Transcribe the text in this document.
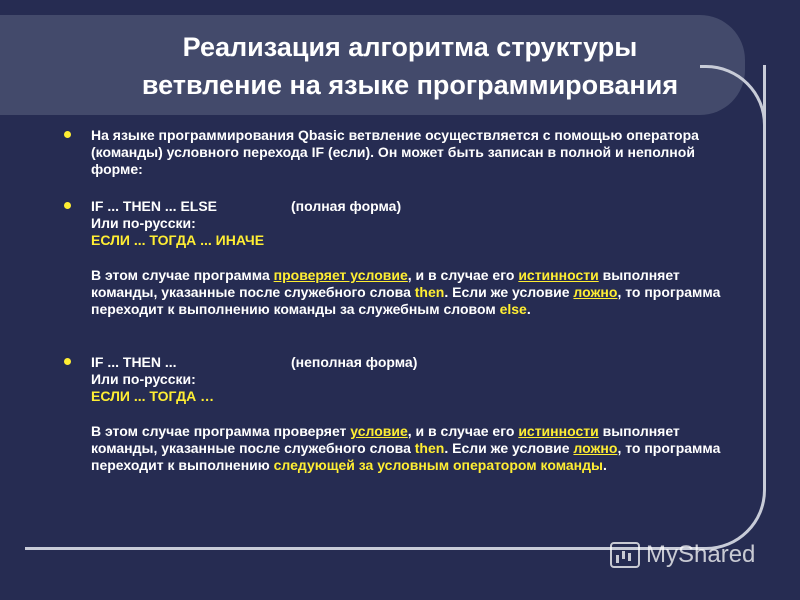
Реализация алгоритма структуры
ветвление на языке программирования
На языке программирования Qbasic ветвление осуществляется с помощью оператора (команды) условного перехода IF (если). Он может быть записан в полной и неполной форме:
IF ... THEN ... ELSE	(полная форма)
Или по-русски:
ЕСЛИ ... ТОГДА ... ИНАЧЕ
В этом случае программа проверяет условие, и в случае его истинности выполняет команды, указанные после служебного слова then. Если же условие ложно, то программа переходит к выполнению команды за служебным словом else.
IF ... THEN ...	(неполная форма)
Или по-русски:
ЕСЛИ ... ТОГДА …
В этом случае программа проверяет условие, и в случае его истинности выполняет команды, указанные после служебного слова then. Если же условие ложно, то программа переходит к выполнению следующей за условным оператором команды.
MyShared
